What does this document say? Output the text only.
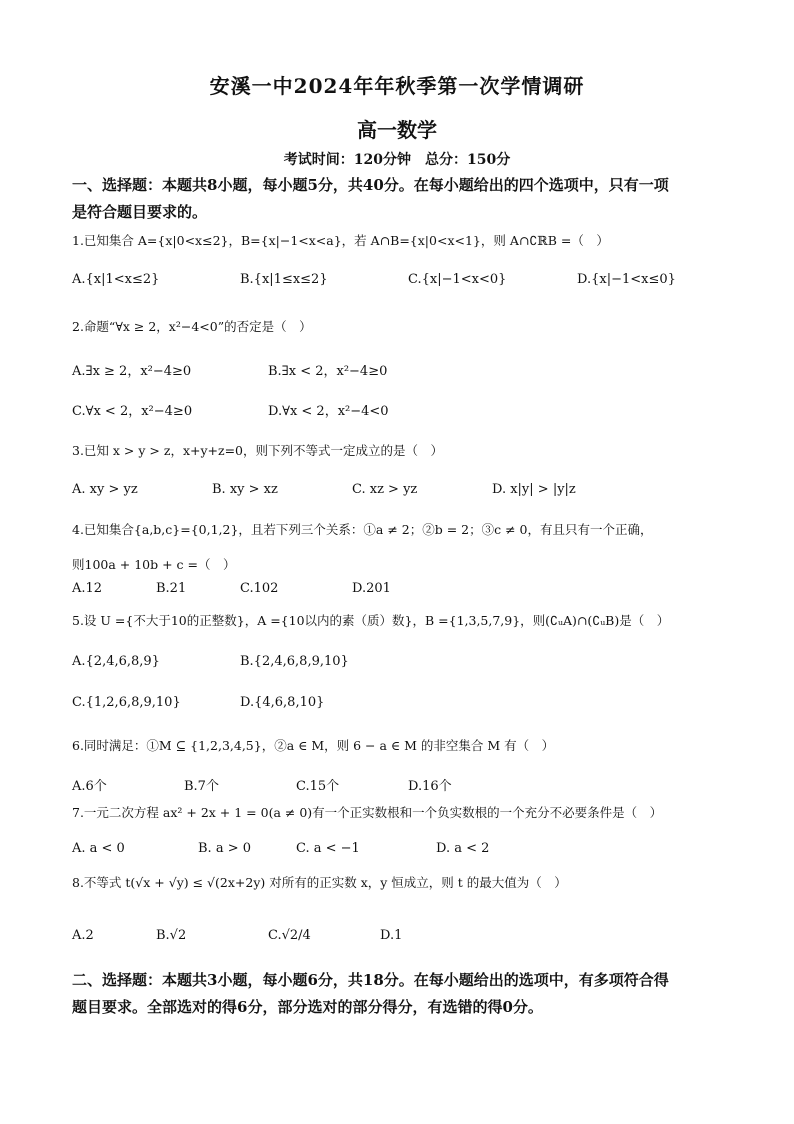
安溪一中2024年年秋季第一次学情调研
高一数学
考试时间：120分钟　总分：150分
一、选择题：本题共8小题，每小题5分，共40分。在每小题给出的四个选项中，只有一项
是符合题目要求的。
1.已知集合 A={x|0<x≤2}，B={x|−1<x<a}，若 A∩B={x|0<x<1}，则 A∩∁ℝB =（　）
A.{x|1<x≤2}	B.{x|1≤x≤2}	C.{x|−1<x<0}	D.{x|−1<x≤0}
2.命题“∀x ≥ 2，x²−4<0”的否定是（　）
A.∃x ≥ 2，x²−4≥0	B.∃x < 2，x²−4≥0
C.∀x < 2，x²−4≥0	D.∀x < 2，x²−4<0
3.已知 x > y > z，x+y+z=0，则下列不等式一定成立的是（　）
A. xy > yz	B. xy > xz	C. xz > yz	D. x|y| > |y|z
4.已知集合{a,b,c}={0,1,2}，且若下列三个关系：①a ≠ 2；②b = 2；③c ≠ 0，有且只有一个正确，
则100a + 10b + c =（　）
A.12	B.21	C.102	D.201
5.设 U ={不大于10的正整数}，A ={10以内的素（质）数}，B ={1,3,5,7,9}，则(∁ᵤA)∩(∁ᵤB)是（　）
A.{2,4,6,8,9}	B.{2,4,6,8,9,10}
C.{1,2,6,8,9,10}	D.{4,6,8,10}
6.同时满足：①M ⊆ {1,2,3,4,5}，②a ∈ M，则 6 − a ∈ M 的非空集合 M 有（　）
A.6个	B.7个	C.15个	D.16个
7.一元二次方程 ax² + 2x + 1 = 0(a ≠ 0)有一个正实数根和一个负实数根的一个充分不必要条件是（　）
A. a < 0	B. a > 0	C. a < −1	D. a < 2
8.不等式 t(√x + √y) ≤ √(2x+2y) 对所有的正实数 x，y 恒成立，则 t 的最大值为（　）
A.2	B.√2	C.√2/4	D.1
二、选择题：本题共3小题，每小题6分，共18分。在每小题给出的选项中，有多项符合得
题目要求。全部选对的得6分，部分选对的部分得分，有选错的得0分。
